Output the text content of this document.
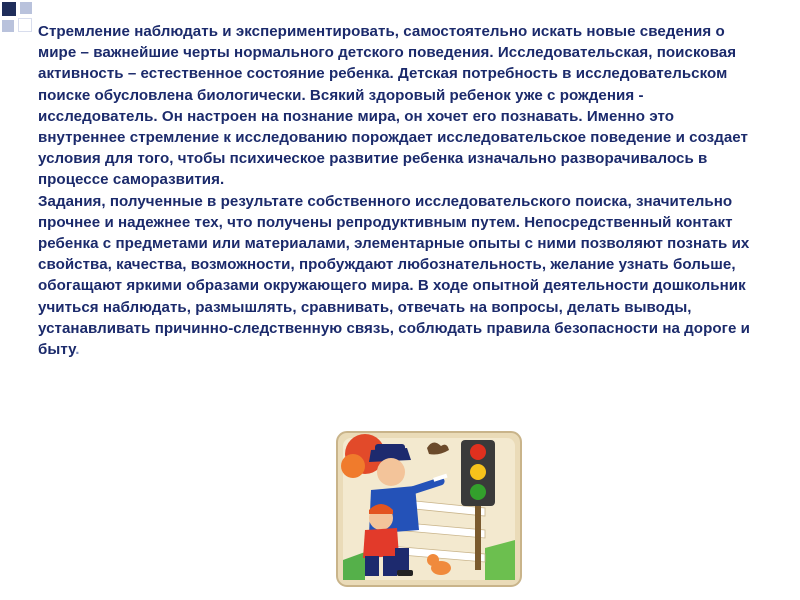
Стремление наблюдать и экспериментировать, самостоятельно искать новые сведения о мире – важнейшие черты нормального детского поведения. Исследовательская, поисковая активность – естественное состояние ребенка. Детская потребность в исследовательском поиске обусловлена биологически. Всякий здоровый ребенок уже с рождения - исследователь. Он настроен на познание мира, он хочет его познавать. Именно это внутреннее стремление к исследованию порождает исследовательское поведение и создает условия для того, чтобы психическое развитие ребенка изначально разворачивалось в процессе саморазвития.

Задания, полученные в результате собственного исследовательского поиска, значительно прочнее и надежнее тех, что получены репродуктивным путем. Непосредственный контакт ребенка с предметами или материалами, элементарные опыты с ними позволяют познать их свойства, качества, возможности, пробуждают любознательность, желание узнать больше, обогащают яркими образами окружающего мира. В ходе опытной деятельности дошкольник учиться наблюдать, размышлять, сравнивать, отвечать на вопросы, делать выводы, устанавливать причинно-следственную связь, соблюдать правила безопасности на дороге и быту.
